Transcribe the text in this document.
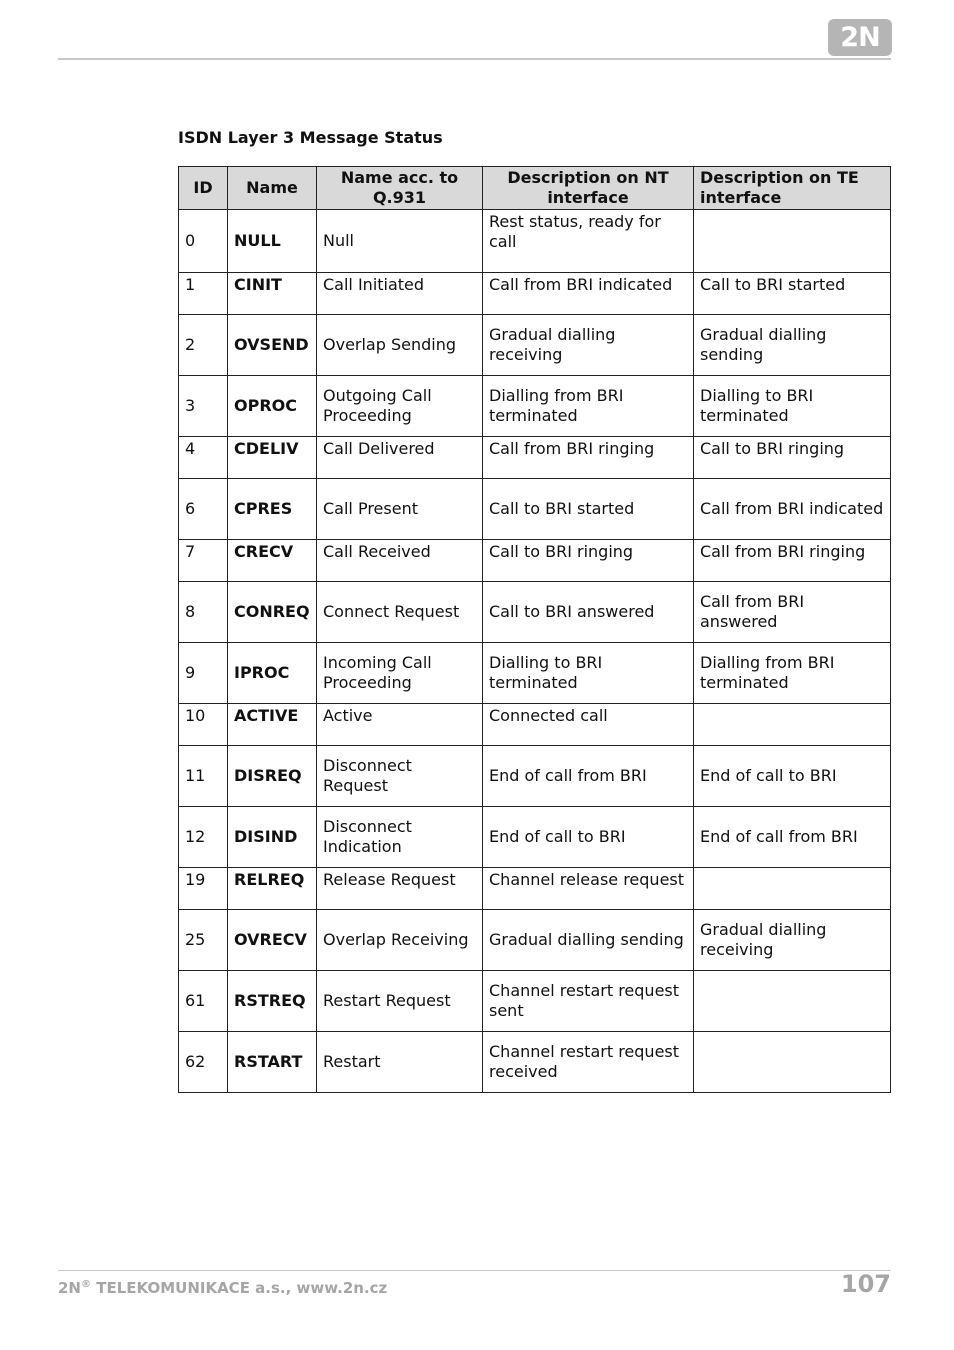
2N
ISDN Layer 3 Message Status
ID	Name	Name acc. to Q.931	Description on NT interface	Description on TE interface
0	NULL	Null	Rest status, ready for call	
1	CINIT	Call Initiated	Call from BRI indicated	Call to BRI started
2	OVSEND	Overlap Sending	Gradual dialling receiving	Gradual dialling sending
3	OPROC	Outgoing Call Proceeding	Dialling from BRI terminated	Dialling to BRI terminated
4	CDELIV	Call Delivered	Call from BRI ringing	Call to BRI ringing
6	CPRES	Call Present	Call to BRI started	Call from BRI indicated
7	CRECV	Call Received	Call to BRI ringing	Call from BRI ringing
8	CONREQ	Connect Request	Call to BRI answered	Call from BRI answered
9	IPROC	Incoming Call Proceeding	Dialling to BRI terminated	Dialling from BRI terminated
10	ACTIVE	Active	Connected call	
11	DISREQ	Disconnect Request	End of call from BRI	End of call to BRI
12	DISIND	Disconnect Indication	End of call to BRI	End of call from BRI
19	RELREQ	Release Request	Channel release request	
25	OVRECV	Overlap Receiving	Gradual dialling sending	Gradual dialling receiving
61	RSTREQ	Restart Request	Channel restart request sent	
62	RSTART	Restart	Channel restart request received	
2N® TELEKOMUNIKACE a.s., www.2n.cz	107
